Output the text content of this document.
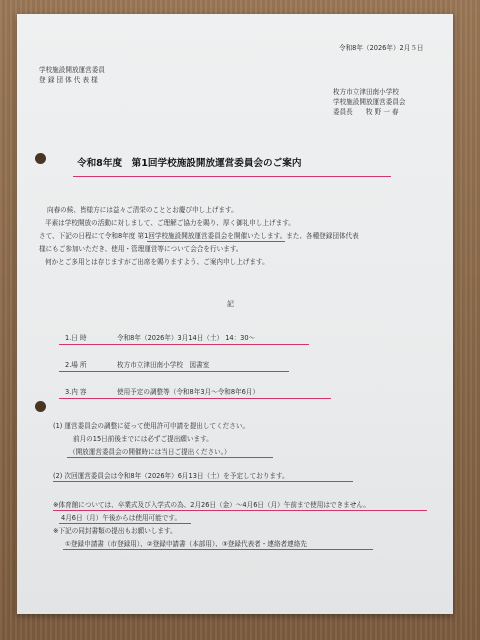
令和8年（2026年）2月５日
学校施設開放運営委員
登 録 団 体 代 表 様
枚方市立津田南小学校
学校施設開放運営委員会
委員長　　牧 野 一 春
令和8年度　第1回学校施設開放運営委員会のご案内
向春の候、皆様方には益々ご清栄のこととお慶び申し上げます。
平素は学校開放の活動に対しまして、ご理解ご協力を賜り、厚く御礼申し上げます。
さて、下記の日程にて令和8年度 第1回学校施設開放運営委員会を開催いたします。また、各種登録団体代表
様にもご参加いただき、使用・管理運営等について会合を行います。
何かとご多用とは存じますがご出席を賜りますよう、ご案内申し上げます。
記
1.日 時	令和8年（2026年）3月14日（土） 14：30～
2.場 所	枚方市立津田南小学校　図書室
3.内 容	使用予定の調整等（令和8年3月～令和8年6月）
(1) 運営委員会の調整に従って使用許可申請を提出してください。
前月の15日前後までには必ずご提出願います。
（開放運営委員会の開催時には当日ご提出ください。）
(2) 次回運営委員会は令和8年（2026年）6月13日（土）を予定しております。
※体育館については、卒業式及び入学式の為、2月26日（金）～4月6日（月）午前まで使用はできません。
4月6日（月）午後からは使用可能です。
※下記の同封書類の提出もお願いします。
①登録申請書（市登録用）、②登録申請書（本部用）、③登録代表者・連絡者連絡先
